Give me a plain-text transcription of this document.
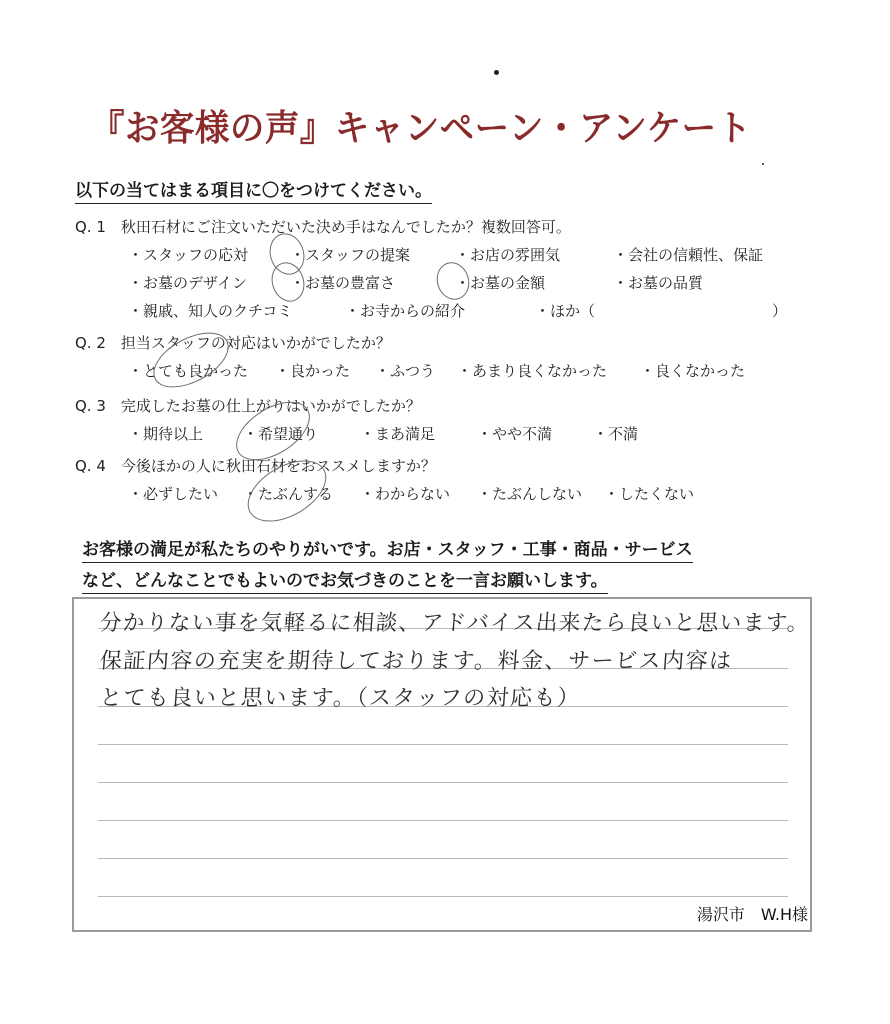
『お客様の声』キャンペーン・アンケート
以下の当てはまる項目に〇をつけてください。
Q. 1　秋田石材にご注文いただいた決め手はなんでしたか？複数回答可。
・スタッフの応対	・スタッフの提案	・お店の雰囲気	・会社の信頼性、保証
・お墓のデザイン	・お墓の豊富さ	・お墓の金額	・お墓の品質
・親戚、知人のクチコミ	・お寺からの紹介	・ほか（	）
Q. 2　担当スタッフの対応はいかがでしたか？
・とても良かった ・良かった ・ふつう ・あまり良くなかった ・良くなかった
Q. 3　完成したお墓の仕上がりはいかがでしたか？
・期待以上	・希望通り	・まあ満足	・やや不満	・不満
Q. 4　今後ほかの人に秋田石材をおススメしますか？
・必ずしたい ・たぶんする ・わからない ・たぶんしない ・したくない
お客様の満足が私たちのやりがいです。お店・スタッフ・工事・商品・サービス
など、どんなことでもよいのでお気づきのことを一言お願いします。
分かりない事を気軽るに相談、アドバイス出来たら良いと思います。
保証内容の充実を期待しております。料金、サービス内容は
とても良いと思います。（スタッフの対応も）
湯沢市　W.H様
